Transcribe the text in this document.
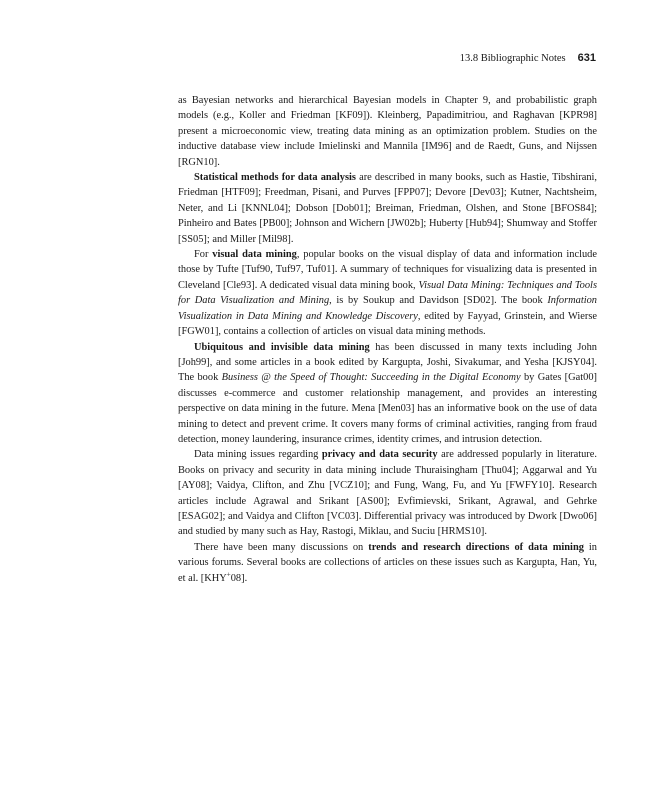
13.8 Bibliographic Notes 631

as Bayesian networks and hierarchical Bayesian models in Chapter 9, and probabilistic graph models (e.g., Koller and Friedman [KF09]). Kleinberg, Papadimitriou, and Raghavan [KPR98] present a microeconomic view, treating data mining as an optimization problem. Studies on the inductive database view include Imielinski and Mannila [IM96] and de Raedt, Guns, and Nijssen [RGN10].

Statistical methods for data analysis are described in many books, such as Hastie, Tibshirani, Friedman [HTF09]; Freedman, Pisani, and Purves [FPP07]; Devore [Dev03]; Kutner, Nachtsheim, Neter, and Li [KNNL04]; Dobson [Dob01]; Breiman, Friedman, Olshen, and Stone [BFOS84]; Pinheiro and Bates [PB00]; Johnson and Wichern [JW02b]; Huberty [Hub94]; Shumway and Stoffer [SS05]; and Miller [Mil98].

For visual data mining, popular books on the visual display of data and information include those by Tufte [Tuf90, Tuf97, Tuf01]. A summary of techniques for visualizing data is presented in Cleveland [Cle93]. A dedicated visual data mining book, Visual Data Mining: Techniques and Tools for Data Visualization and Mining, is by Soukup and Davidson [SD02]. The book Information Visualization in Data Mining and Knowledge Discovery, edited by Fayyad, Grinstein, and Wierse [FGW01], contains a collection of articles on visual data mining methods.

Ubiquitous and invisible data mining has been discussed in many texts including John [Joh99], and some articles in a book edited by Kargupta, Joshi, Sivakumar, and Yesha [KJSY04]. The book Business @ the Speed of Thought: Succeeding in the Digital Economy by Gates [Gat00] discusses e-commerce and customer relationship management, and provides an interesting perspective on data mining in the future. Mena [Men03] has an informative book on the use of data mining to detect and prevent crime. It covers many forms of criminal activities, ranging from fraud detection, money laundering, insurance crimes, identity crimes, and intrusion detection.

Data mining issues regarding privacy and data security are addressed popularly in literature. Books on privacy and security in data mining include Thuraisingham [Thu04]; Aggarwal and Yu [AY08]; Vaidya, Clifton, and Zhu [VCZ10]; and Fung, Wang, Fu, and Yu [FWFY10]. Research articles include Agrawal and Srikant [AS00]; Evfimievski, Srikant, Agrawal, and Gehrke [ESAG02]; and Vaidya and Clifton [VC03]. Differential privacy was introduced by Dwork [Dwo06] and studied by many such as Hay, Rastogi, Miklau, and Suciu [HRMS10].

There have been many discussions on trends and research directions of data mining in various forums. Several books are collections of articles on these issues such as Kargupta, Han, Yu, et al. [KHY+08].
